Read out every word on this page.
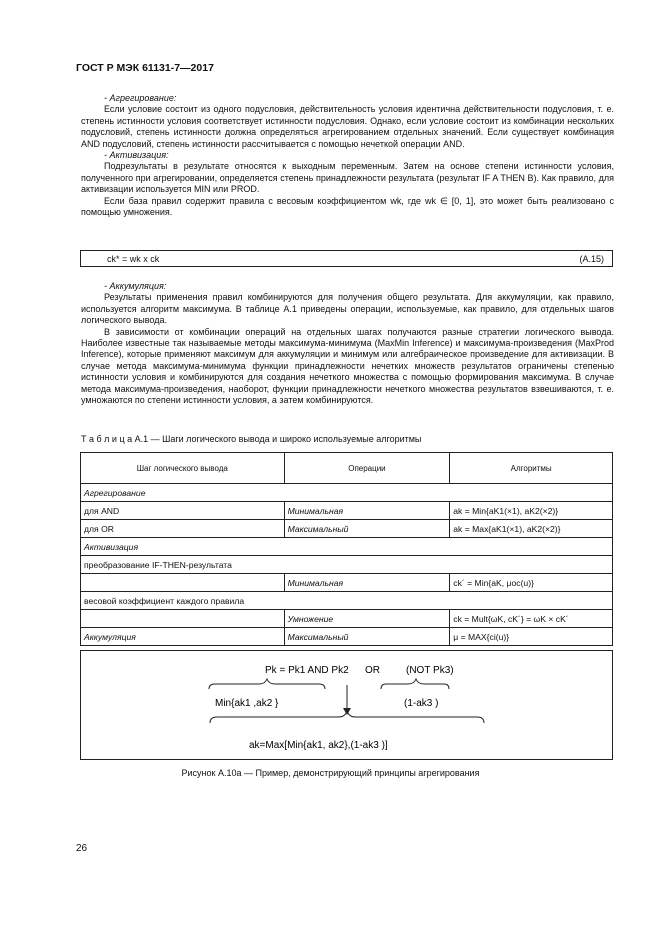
ГОСТ Р МЭК 61131-7—2017
- Агрегирование:
Если условие состоит из одного подусловия, действительность условия идентична действительности подусловия, т. е. степень истинности условия соответствует истинности подусловия. Однако, если условие состоит из комбинации нескольких подусловий, степень истинности должна определяться агрегированием отдельных значений. Если существует комбинация AND подусловий, степень истинности рассчитывается с помощью нечеткой операции AND.
- Активизация:
Подрезультаты в результате относятся к выходным переменным. Затем на основе степени истинности условия, полученного при агрегировании, определяется степень принадлежности результата (результат IF A THEN B). Как правило, для активизации используется MIN или PROD.
Если база правил содержит правила с весовым коэффициентом wk, где wk ∈ [0, 1], это может быть реализовано с помощью умножения.
ck* = wk x ck	(A.15)
- Аккумуляция:
Результаты применения правил комбинируются для получения общего результата. Для аккумуляции, как правило, используется алгоритм максимума. В таблице А.1 приведены операции, используемые, как правило, для отдельных шагов логического вывода.
В зависимости от комбинации операций на отдельных шагах получаются разные стратегии логического вывода. Наиболее известные так называемые методы максимума-минимума (MaxMin Inference) и максимума-произведения (MaxProd Inference), которые применяют максимум для аккумуляции и минимум или алгебраическое произведение для активизации. В случае метода максимума-минимума функции принадлежности нечетких множеств результатов ограничены степенью истинности условия и комбинируются для создания нечеткого множества с помощью формирования максимума. В случае метода максимума-произведения, наоборот, функции принадлежности нечеткого множества результатов взвешиваются, т. е. умножаются по степени истинности условия, а затем комбинируются.
Т а б л и ц а А.1 — Шаги логического вывода и широко используемые алгоритмы
Шаг логического вывода	Операции	Алгоритмы
Агрегирование		
для AND	Минимальная	ak = Min{aK1(×1), aK2(×2)}
для OR	Максимальный	ak = Max{aK1(×1), aK2(×2)}
Активизация		
преобразование IF-THEN-результата		
	Минимальная	ck´ = Min{aK, μoc(u)}
весовой коэффициент каждого правила		
	Умножение	ck = Mult{ωK, cK´} = ωK × cK´
Аккумуляция	Максимальный	μ = MAX{ci(u)}
Pk = Pk1 AND Pk2 OR	(NOT Pk3)
Min{ak1 ,ak2 }	(1-ak3 )
ak=Max[Min{ak1, ak2},(1-ak3 )]
Рисунок А.10а — Пример, демонстрирующий принципы агрегирования
26
